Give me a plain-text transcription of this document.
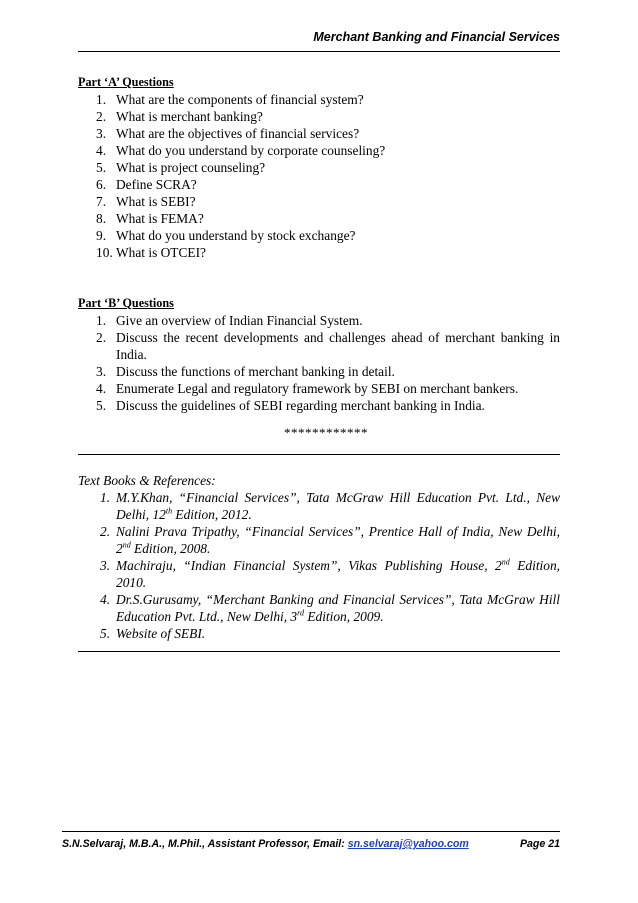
Merchant Banking and Financial Services

Part ‘A’ Questions

1. What are the components of financial system?
2. What is merchant banking?
3. What are the objectives of financial services?
4. What do you understand by corporate counseling?
5. What is project counseling?
6. Define SCRA?
7. What is SEBI?
8. What is FEMA?
9. What do you understand by stock exchange?
10. What is OTCEI?

Part ‘B’ Questions

1. Give an overview of Indian Financial System.
2. Discuss the recent developments and challenges ahead of merchant banking in India.
3. Discuss the functions of merchant banking in detail.
4. Enumerate Legal and regulatory framework by SEBI on merchant bankers.
5. Discuss the guidelines of SEBI regarding merchant banking in India.
************

Text Books & References:

1. M.Y.Khan, “Financial Services”, Tata McGraw Hill Education Pvt. Ltd., New Delhi, 12th Edition, 2012.
2. Nalini Prava Tripathy, “Financial Services”, Prentice Hall of India, New Delhi, 2nd Edition, 2008.
3. Machiraju, “Indian Financial System”, Vikas Publishing House, 2nd Edition, 2010.
4. Dr.S.Gurusamy, “Merchant Banking and Financial Services”, Tata McGraw Hill Education Pvt. Ltd., New Delhi, 3rd Edition, 2009.
5. Website of SEBI.
S.N.Selvaraj, M.B.A., M.Phil., Assistant Professor, Email: sn.selvaraj@yahoo.com	Page 21
